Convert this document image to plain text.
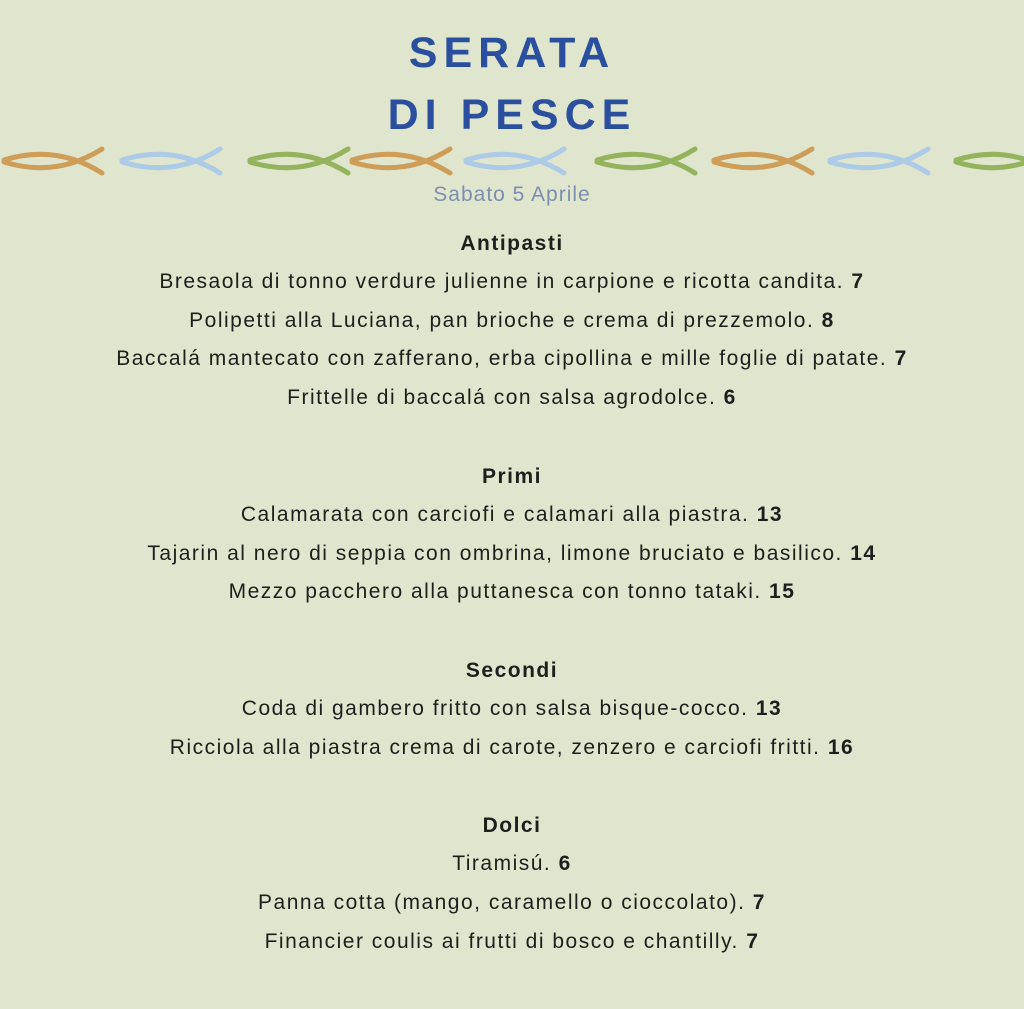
SERATA
DI PESCE

Sabato 5 Aprile

Antipasti
Bresaola di tonno verdure julienne in carpione e ricotta candita. 7
Polipetti alla Luciana, pan brioche e crema di prezzemolo. 8
Baccalá mantecato con zafferano, erba cipollina e mille foglie di patate. 7
Frittelle di baccalá con salsa agrodolce. 6
Primi
Calamarata con carciofi e calamari alla piastra. 13
Tajarin al nero di seppia con ombrina, limone bruciato e basilico. 14
Mezzo pacchero alla puttanesca con tonno tataki. 15
Secondi
Coda di gambero fritto con salsa bisque-cocco. 13
Ricciola alla piastra crema di carote, zenzero e carciofi fritti. 16
Dolci
Tiramisú. 6
Panna cotta (mango, caramello o cioccolato). 7
Financier coulis ai frutti di bosco e chantilly. 7
